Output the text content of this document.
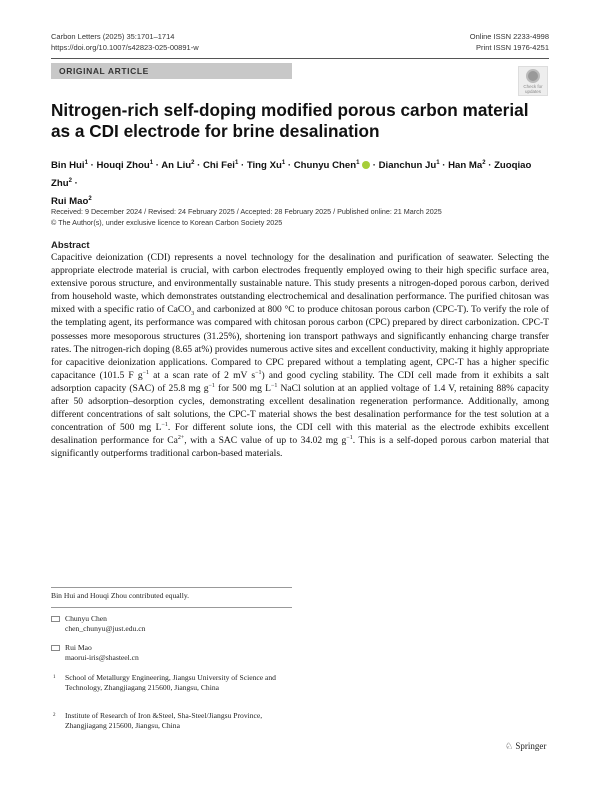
Carbon Letters (2025) 35:1701–1714
https://doi.org/10.1007/s42823-025-00891-w
Online ISSN 2233-4998
Print ISSN 1976-4251
ORIGINAL ARTICLE
Check for updates
Nitrogen-rich self-doping modified porous carbon material as a CDI electrode for brine desalination
Bin Hui$^1$ · Houqi Zhou$^1$ · An Liu$^2$ · Chi Fei$^1$ · Ting $Xu^1$ · Chunyu Chen$^1$  · Dianchun $Ju^1$ · Han $Ma^2$ · Zuoqiao Zhu$^2$ ·
Rui Mao$^2$
Received: 9 December 2024 / Revised: 24 February 2025 / Accepted: 28 February 2025 / Published online: 21 March 2025
© The Author(s), under exclusive licence to Korean Carbon Society 2025
Abstract
Capacitive deionization (CDI) represents a novel technology for the desalination and purification of seawater. Selecting the appropriate electrode material is crucial, with carbon electrodes frequently employed owing to their high specific surface area, extensive porous structure, and environmentally sustainable nature. This study presents a nitrogen-doped porous carbon, derived from household waste, which demonstrates outstanding electrochemical and desalination performance. The purified chitosan was mixed with a specific ratio of CaCO$_3$ and carbonized at 800 °C to produce chitosan porous carbon (CPC-T). To verify the role of the templating agent, its performance was compared with chitosan porous carbon (CPC) prepared by direct carbonization. CPC-T possesses more mesoporous structures (31.25%), shortening ion transport pathways and significantly enhancing charge transfer rates. The nitrogen-rich doping (8.65 at%) provides numerous active sites and excellent conductivity, making it highly appropriate for capacitive deionization applications. Compared to CPC prepared without a templating agent, CPC-T has a higher specific capacitance (101.5 F $g^{-1}$ at a scan rate of 2 mV $s^{-1}$) and good cycling stability. The CDI cell made from it exhibits a salt adsorption capacity (SAC) of 25.8 mg $g^{-1}$ for 500 mg $L^{-1}$ NaCl solution at an applied voltage of 1.4 V, retaining 88% capacity after 50 adsorption–desorption cycles, demonstrating excellent desalination regeneration performance. Additionally, among different concentrations of salt solutions, the CPC-T material shows the best desalination performance for the test solution at a concentration of 500 mg $L^{-1}$. For different solute ions, the CDI cell with this material as the electrode exhibits excellent desalination performance for $Ca^{2+}$, with a SAC value of up to 34.02 mg $g^{-1}$. This is a self-doped porous carbon material that significantly outperforms traditional carbon-based materials.
Bin Hui and Houqi Zhou contributed equally.
Chunyu Chen
chen_chunyu@just.edu.cn
Rui Mao
maorui-iris@shasteel.cn
1 School of Metallurgy Engineering, Jiangsu University of Science and Technology, Zhangjiagang 215600, Jiangsu, China
2 Institute of Research of Iron &Steel, Sha-Steel/Jiangsu Province, Zhangjiagang 215600, Jiangsu, China
♘ Springer
